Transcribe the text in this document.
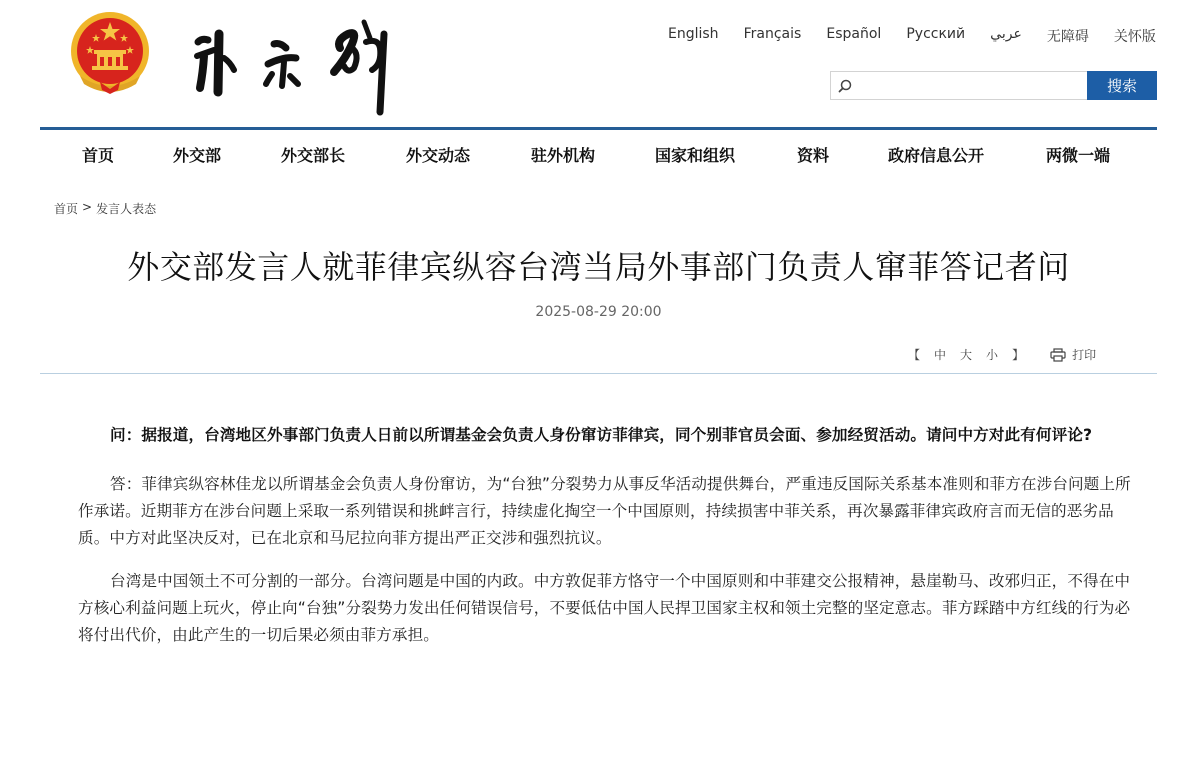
English	Français	Español	Русский	عربي	无障碍	关怀版
搜索
首页	外交部	外交部长	外交动态	驻外机构	国家和组织	资料	政府信息公开	两微一端
首页 > 发言人表态
外交部发言人就菲律宾纵容台湾当局外事部门负责人窜菲答记者问
2025-08-29 20:00
【 中 大 小 】	打印

问：据报道，台湾地区外事部门负责人日前以所谓基金会负责人身份窜访菲律宾，同个别菲官员会面、参加经贸活动。请问中方对此有何评论?

答：菲律宾纵容林佳龙以所谓基金会负责人身份窜访，为“台独”分裂势力从事反华活动提供舞台，严重违反国际关系基本准则和菲方在涉台问题上所作承诺。近期菲方在涉台问题上采取一系列错误和挑衅言行，持续虚化掏空一个中国原则，持续损害中菲关系，再次暴露菲律宾政府言而无信的恶劣品质。中方对此坚决反对，已在北京和马尼拉向菲方提出严正交涉和强烈抗议。

台湾是中国领土不可分割的一部分。台湾问题是中国的内政。中方敦促菲方恪守一个中国原则和中菲建交公报精神，悬崖勒马、改邪归正，不得在中方核心利益问题上玩火，停止向“台独”分裂势力发出任何错误信号，不要低估中国人民捍卫国家主权和领土完整的坚定意志。菲方踩踏中方红线的行为必将付出代价，由此产生的一切后果必须由菲方承担。
